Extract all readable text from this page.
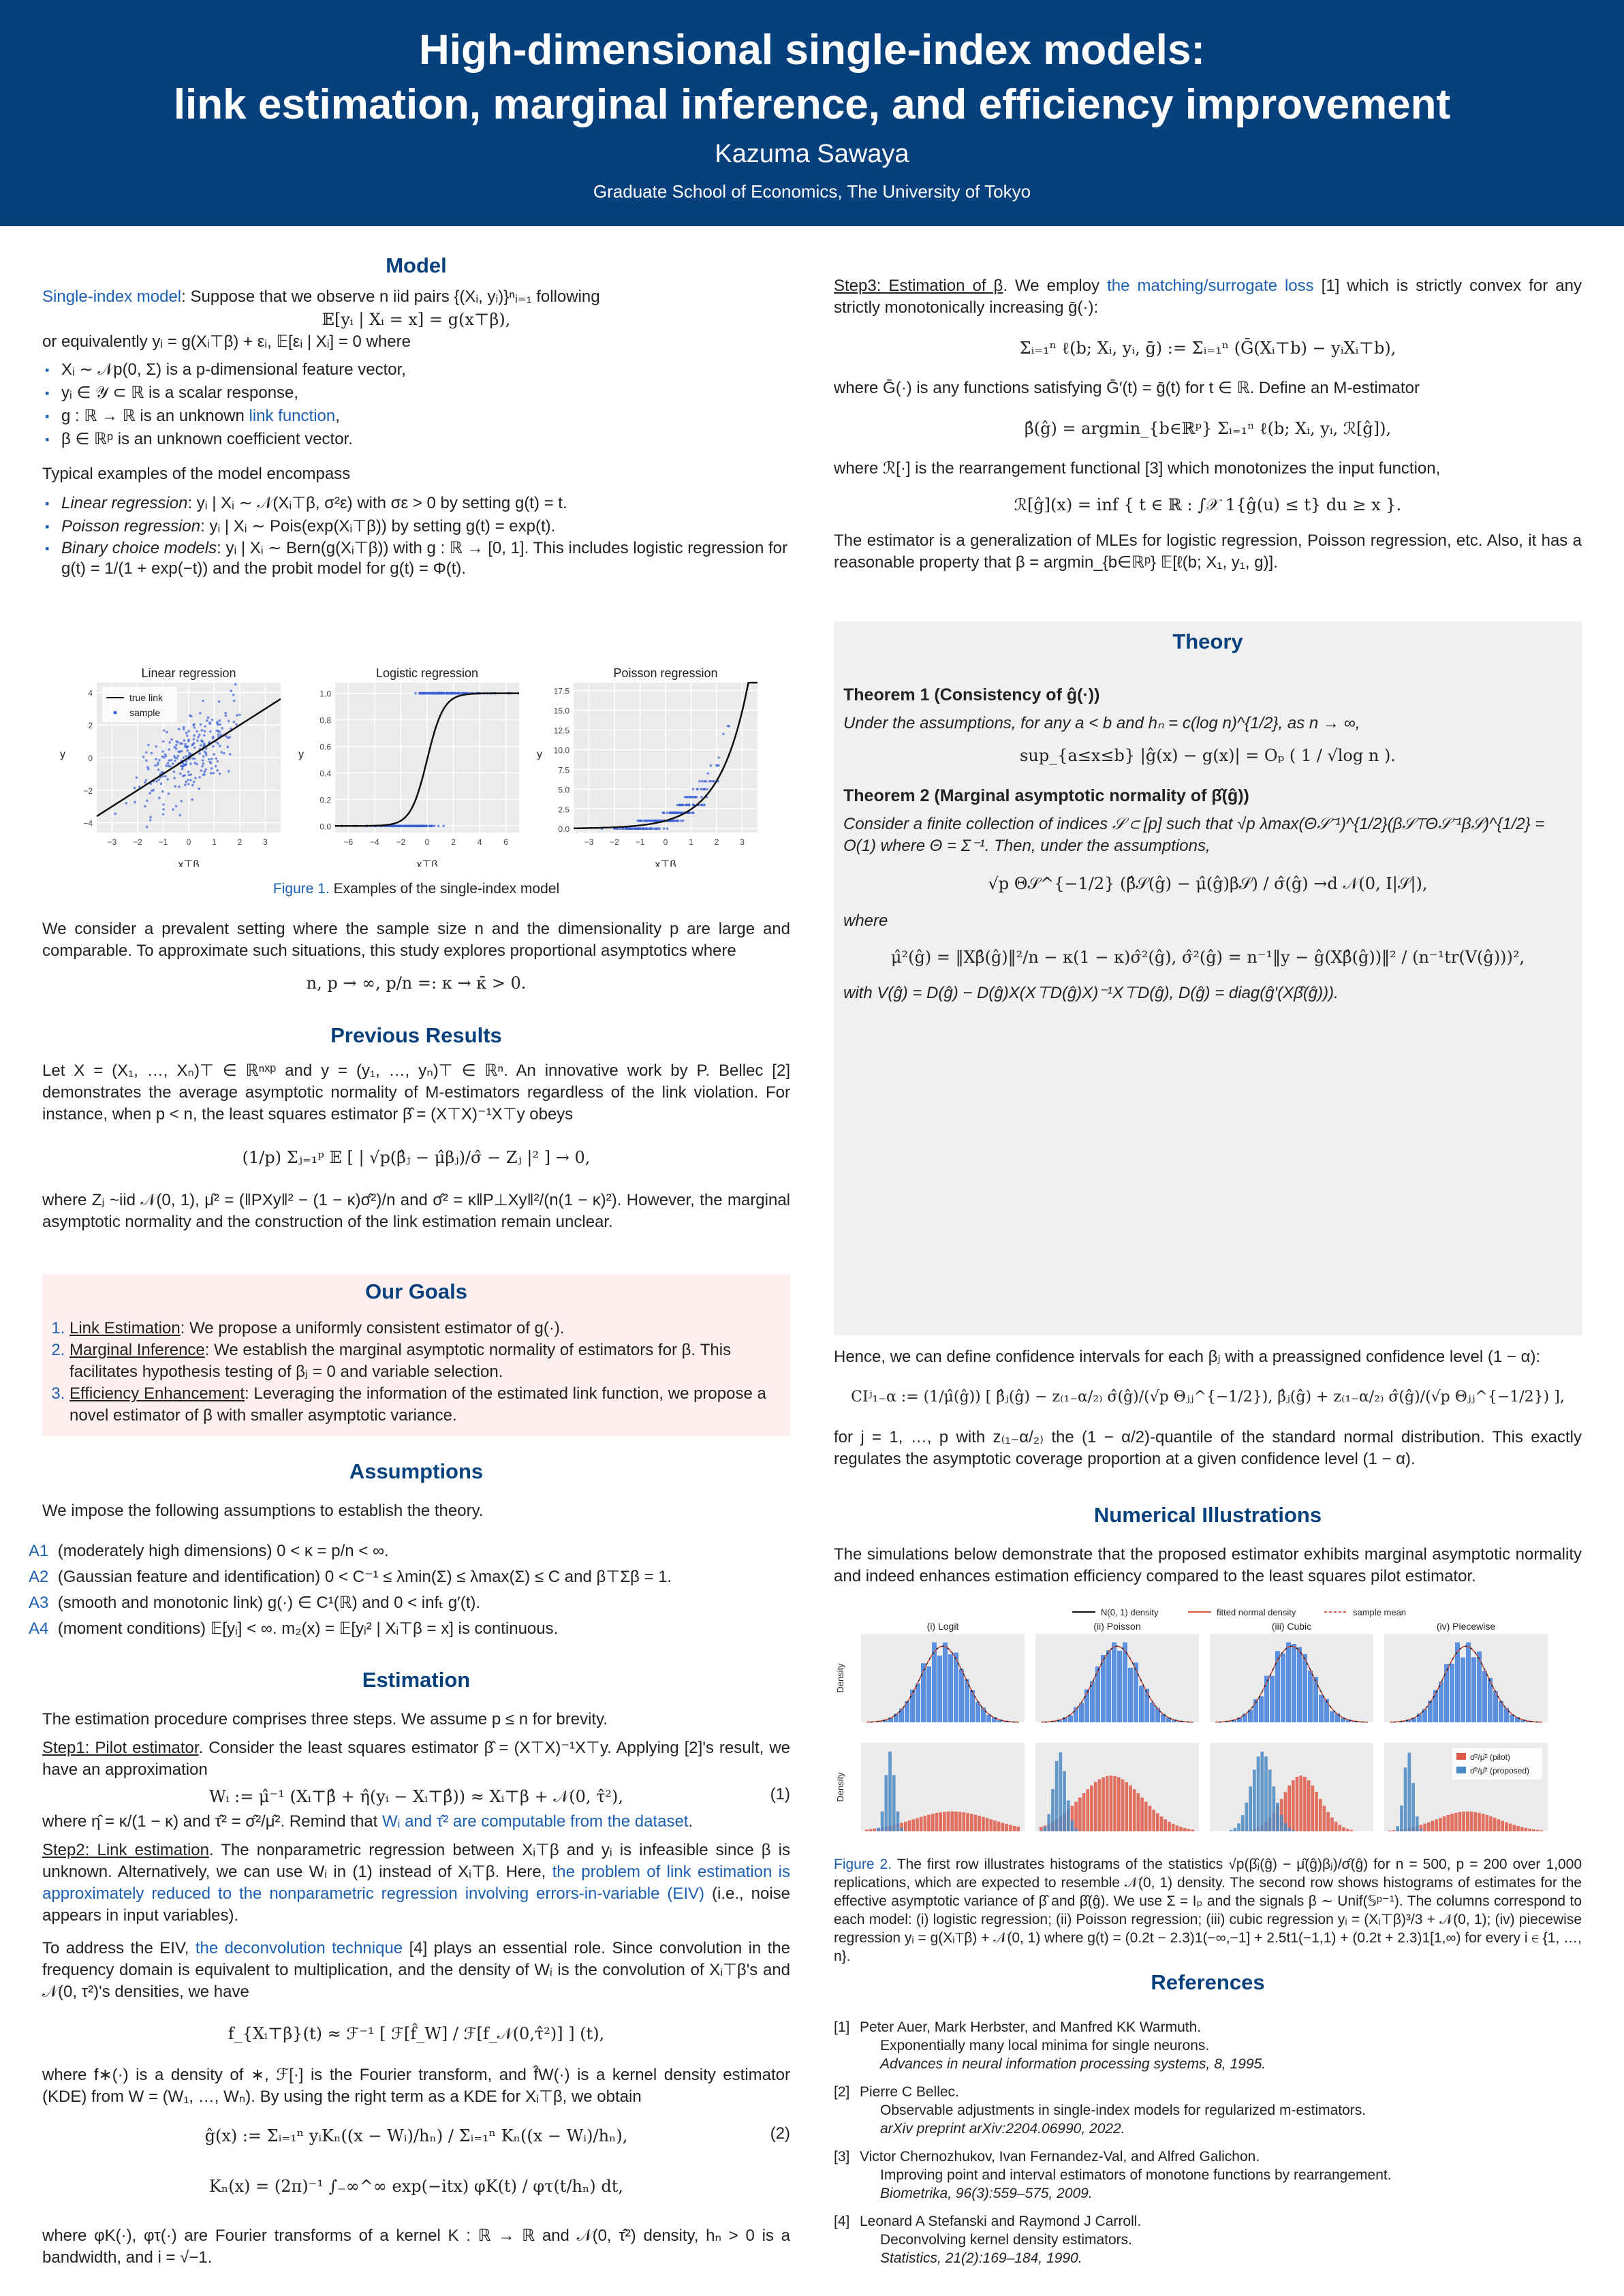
High-dimensional single-index models:
link estimation, marginal inference, and efficiency improvement
Kazuma Sawaya
Graduate School of Economics, The University of Tokyo
Model

Single-index model: Suppose that we observe n iid pairs {(Xᵢ, yᵢ)}ⁿᵢ₌₁ following

𝔼[yᵢ | Xᵢ = x] = g(x⊤β),

or equivalently yᵢ = g(Xᵢ⊤β) + εᵢ, 𝔼[εᵢ | Xᵢ] = 0 where

▪ Xᵢ ∼ 𝒩p(0, Σ) is a p-dimensional feature vector,
▪ yᵢ ∈ 𝒴 ⊂ ℝ is a scalar response,
▪ g : ℝ → ℝ is an unknown link function,
▪ β ∈ ℝᵖ is an unknown coefficient vector.

Typical examples of the model encompass

▪ Linear regression: yᵢ | Xᵢ ∼ 𝒩(Xᵢ⊤β, σ²ε) with σε > 0 by setting g(t) = t.
▪ Poisson regression: yᵢ | Xᵢ ∼ Pois(exp(Xᵢ⊤β)) by setting g(t) = exp(t).
▪ Binary choice models: yᵢ | Xᵢ ∼ Bern(g(Xᵢ⊤β)) with g : ℝ → [0, 1]. This includes logistic regression for g(t) = 1/(1 + exp(−t)) and the probit model for g(t) = Φ(t).
Linear regression
x⊤β
y
4
2
0
−2
−4
−3 −2 −1 0	1	2	3
true link
sample
Logistic regression
x⊤β
y
1.0
0.8
0.6
0.4
0.2
0.0
−6 −4 −2 0	2	4	6
Poisson regression
x⊤β
y
17.5
15.0
12.5
10.0
7.5
5.0
2.5
0.0
−3 −2 −1 0	1	2	3

Figure 1. Examples of the single-index model

We consider a prevalent setting where the sample size n and the dimensionality p are large and comparable. To approximate such situations, this study explores proportional asymptotics where

n, p → ∞, p/n =: κ → κ̄ > 0.
Previous Results

Let X = (X₁, …, Xₙ)⊤ ∈ ℝⁿˣᵖ and y = (y₁, …, yₙ)⊤ ∈ ℝⁿ. An innovative work by P. Bellec [2] demonstrates the average asymptotic normality of M-estimators regardless of the link violation. For instance, when p < n, the least squares estimator β̂ = (X⊤X)⁻¹X⊤y obeys

(1/p) Σⱼ₌₁ᵖ 𝔼 [ | √p(β̂ⱼ − μ̂βⱼ)/σ̂ − Zⱼ |² ] → 0,

where Zⱼ ~iid 𝒩(0, 1), μ̂² = (‖PXy‖² − (1 − κ)σ̂²)/n and σ̂² = κ‖P⊥Xy‖²/(n(1 − κ)²). However, the marginal asymptotic normality and the construction of the link estimation remain unclear.

Our Goals
1. Link Estimation: We propose a uniformly consistent estimator of g(·).
2. Marginal Inference: We establish the marginal asymptotic normality of estimators for β. This facilitates hypothesis testing of βⱼ = 0 and variable selection.
3. Efficiency Enhancement: Leveraging the information of the estimated link function, we propose a novel estimator of β with smaller asymptotic variance.
Assumptions

We impose the following assumptions to establish the theory.

A1 (moderately high dimensions) 0 < κ = p/n < ∞.

A2 (Gaussian feature and identification) 0 < C⁻¹ ≤ λmin(Σ) ≤ λmax(Σ) ≤ C and β⊤Σβ = 1.

A3 (smooth and monotonic link) g(·) ∈ C¹(ℝ) and 0 < infₜ g′(t).

A4 (moment conditions) 𝔼[yᵢ] < ∞. m₂(x) = 𝔼[yᵢ² | Xᵢ⊤β = x] is continuous.

Estimation

The estimation procedure comprises three steps. We assume p ≤ n for brevity.

Step1: Pilot estimator. Consider the least squares estimator β̂ = (X⊤X)⁻¹X⊤y. Applying [2]'s result, we have an approximation

Wᵢ := μ̂⁻¹ (Xᵢ⊤β̂ + η̂(yᵢ − Xᵢ⊤β̂)) ≈ Xᵢ⊤β + 𝒩(0, τ̂²),	(1)

where η̂ = κ/(1 − κ) and τ̂² = σ̂²/μ̂². Remind that Wᵢ and τ̂² are computable from the dataset.

Step2: Link estimation. The nonparametric regression between Xᵢ⊤β and yᵢ is infeasible since β is unknown. Alternatively, we can use Wᵢ in (1) instead of Xᵢ⊤β. Here, the problem of link estimation is approximately reduced to the nonparametric regression involving errors-in-variable (EIV) (i.e., noise appears in input variables).

To address the EIV, the deconvolution technique [4] plays an essential role. Since convolution in the frequency domain is equivalent to multiplication, and the density of Wᵢ is the convolution of Xᵢ⊤β's and 𝒩(0, τ²)'s densities, we have

f_{Xᵢ⊤β}(t) ≈ ℱ⁻¹ [ ℱ[f̂_W] / ℱ[f_𝒩(0,τ̂²)] ] (t),

where f∗(·) is a density of ∗, ℱ[·] is the Fourier transform, and f̂W(·) is a kernel density estimator (KDE) from W = (W₁, …, Wₙ). By using the right term as a KDE for Xᵢ⊤β, we obtain

ĝ(x) := Σᵢ₌₁ⁿ yᵢKₙ((x − Wᵢ)/hₙ) / Σᵢ₌₁ⁿ Kₙ((x − Wᵢ)/hₙ),	(2)
Kₙ(x) = (2π)⁻¹ ∫₋∞^∞ exp(−itx) φK(t) / φτ(t/hₙ) dt,

where φK(·), φτ(·) are Fourier transforms of a kernel K : ℝ → ℝ and 𝒩(0, τ̂²) density, hₙ > 0 is a bandwidth, and i = √−1.

Step3: Estimation of β. We employ the matching/surrogate loss [1] which is strictly convex for any strictly monotonically increasing ḡ(·):

Σᵢ₌₁ⁿ ℓ(b; Xᵢ, yᵢ, ḡ) := Σᵢ₌₁ⁿ (Ḡ(Xᵢ⊤b) − yᵢXᵢ⊤b),

where Ḡ(·) is any functions satisfying Ḡ′(t) = ḡ(t) for t ∈ ℝ. Define an M-estimator

β̂(ĝ) = argmin_{b∈ℝᵖ} Σᵢ₌₁ⁿ ℓ(b; Xᵢ, yᵢ, ℛ[ĝ]),

where ℛ[·] is the rearrangement functional [3] which monotonizes the input function,

ℛ[ĝ](x) = inf { t ∈ ℝ : ∫𝒳 1{ĝ(u) ≤ t} du ≥ x }.

The estimator is a generalization of MLEs for logistic regression, Poisson regression, etc. Also, it has a reasonable property that β = argmin_{b∈ℝᵖ} 𝔼[ℓ(b; X₁, y₁, g)].

Theory

Theorem 1 (Consistency of ĝ(·))

Under the assumptions, for any a < b and hₙ = c(log n)^{1/2}, as n → ∞,

sup_{a≤x≤b} |ĝ(x) − g(x)| = Oₚ ( 1 / √log n ).

Theorem 2 (Marginal asymptotic normality of β̂(ĝ))

Consider a finite collection of indices 𝒮 ⊂ [p] such that √p λmax(Θ𝒮⁻¹)^{1/2}(β𝒮⊤Θ𝒮⁻¹β𝒮)^{1/2} = O(1) where Θ = Σ⁻¹. Then, under the assumptions,

√p Θ𝒮^{−1/2} (β̂𝒮(ĝ) − μ̂(ĝ)β𝒮) / σ̂(ĝ) →d 𝒩(0, I|𝒮|),

where

μ̂²(ĝ) = ‖Xβ̂(ĝ)‖²/n − κ(1 − κ)σ̂²(ĝ), σ̂²(ĝ) = n⁻¹‖y − ĝ(Xβ̂(ĝ))‖² / (n⁻¹tr(V(ĝ)))²,

with V(ĝ) = D(ĝ) − D(ĝ)X(X⊤D(ĝ)X)⁻¹X⊤D(ĝ), D(ĝ) = diag(ĝ′(Xβ̂(ĝ))).

Hence, we can define confidence intervals for each βⱼ with a preassigned confidence level (1 − α):

CIʲ₁₋α := (1/μ̂(ĝ)) [ β̂ⱼ(ĝ) − z₍₁₋α/₂₎ σ̂(ĝ)/(√p Θⱼⱼ^{−1/2}), β̂ⱼ(ĝ) + z₍₁₋α/₂₎ σ̂(ĝ)/(√p Θⱼⱼ^{−1/2}) ],

for j = 1, …, p with z₍₁₋α/₂₎ the (1 − α/2)-quantile of the standard normal distribution. This exactly regulates the asymptotic coverage proportion at a given confidence level (1 − α).

Numerical Illustrations

The simulations below demonstrate that the proposed estimator exhibits marginal asymptotic normality and indeed enhances estimation efficiency compared to the least squares pilot estimator.

N(0, 1) density	fitted normal density	sample mean
Density
Density
(i) Logit	(ii) Poisson	(iii) Cubic	(iv) Piecewise
σ̂²/μ̂² (pilot)
σ̂²/μ̂² (proposed)

Figure 2. The first row illustrates histograms of the statistics √p(β̂ⱼ(ĝ) − μ̂(ĝ)βⱼ)/σ̂(ĝ) for n = 500, p = 200 over 1,000 replications, which are expected to resemble 𝒩(0, 1) density. The second row shows histograms of estimates for the effective asymptotic variance of β̂ and β̂(ĝ). We use Σ = Iₚ and the signals β ∼ Unif(𝕊ᵖ⁻¹). The columns correspond to each model: (i) logistic regression; (ii) Poisson regression; (iii) cubic regression yᵢ = (Xᵢ⊤β)³/3 + 𝒩(0, 1); (iv) piecewise regression yᵢ = g(Xᵢ⊤β) + 𝒩(0, 1) where g(t) = (0.2t − 2.3)1(−∞,−1] + 2.5t1(−1,1) + (0.2t + 2.3)1[1,∞) for every i ∈ {1, …, n}.

References
[1] Peter Auer, Mark Herbster, and Manfred KK Warmuth.
Exponentially many local minima for single neurons.
Advances in neural information processing systems, 8, 1995.
[2] Pierre C Bellec.
Observable adjustments in single-index models for regularized m-estimators.
arXiv preprint arXiv:2204.06990, 2022.
[3] Victor Chernozhukov, Ivan Fernandez-Val, and Alfred Galichon.
Improving point and interval estimators of monotone functions by rearrangement.
Biometrika, 96(3):559–575, 2009.
[4] Leonard A Stefanski and Raymond J Carroll.
Deconvolving kernel density estimators.
Statistics, 21(2):169–184, 1990.
